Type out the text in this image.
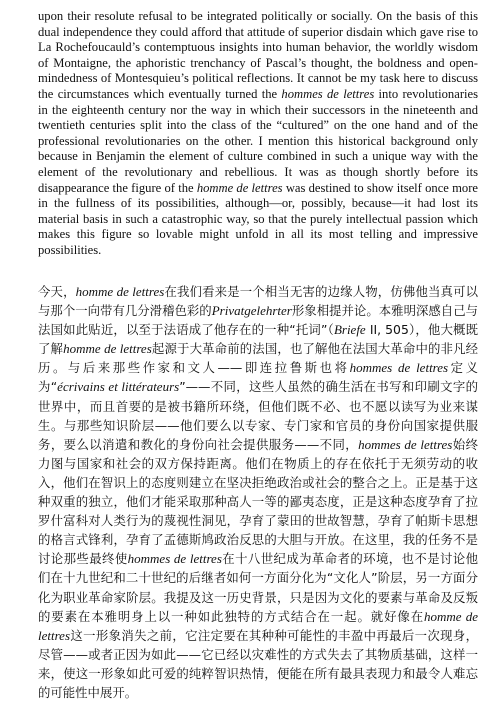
upon their resolute refusal to be integrated politically or socially. On the basis of this dual independence they could afford that attitude of superior disdain which gave rise to La Rochefoucauld’s contemptuous insights into human behavior, the worldly wisdom of Montaigne, the aphoristic trenchancy of Pascal’s thought, the boldness and open-mindedness of Montesquieu’s political reflections. It cannot be my task here to discuss the circumstances which eventually turned the hommes de lettres into revolutionaries in the eighteenth century nor the way in which their successors in the nineteenth and twentieth centuries split into the class of the “cultured” on the one hand and of the professional revolutionaries on the other. I mention this historical background only because in Benjamin the element of culture combined in such a unique way with the element of the revolutionary and rebellious. It was as though shortly before its disappearance the figure of the homme de lettres was destined to show itself once more in the fullness of its possibilities, although—or, possibly, because—it had lost its material basis in such a catastrophic way, so that the purely intellectual passion which makes this figure so lovable might unfold in all its most telling and impressive possibilities.

今天，homme de lettres在我们看来是一个相当无害的边缘人物，仿佛他当真可以与那个一向带有几分滑稽色彩的Privatgelehrter形象相提并论。本雅明深感自己与法国如此贴近，以至于法语成了他存在的一种“托词”（Briefe II, 505），他大概既了解homme de lettres起源于大革命前的法国，也了解他在法国大革命中的非凡经历。与后来那些作家和文人——即连拉鲁斯也将hommes de lettres定义为“écrivains et littérateurs”——不同，这些人虽然的确生活在书写和印刷文字的世界中，而且首要的是被书籍所环绕，但他们既不必、也不愿以读写为业来谋生。与那些知识阶层——他们要么以专家、专门家和官员的身份向国家提供服务，要么以消遣和教化的身份向社会提供服务——不同，hommes de lettres始终力图与国家和社会的双方保持距离。他们在物质上的存在依托于无须劳动的收入，他们在智识上的态度则建立在坚决拒绝政治或社会的整合之上。正是基于这种双重的独立，他们才能采取那种高人一等的鄙夷态度，正是这种态度孕育了拉罗什富科对人类行为的蔑视性洞见，孕育了蒙田的世故智慧，孕育了帕斯卡思想的格言式锋利，孕育了孟德斯鸠政治反思的大胆与开放。在这里，我的任务不是讨论那些最终使hommes de lettres在十八世纪成为革命者的环境，也不是讨论他们在十九世纪和二十世纪的后继者如何一方面分化为“文化人”阶层，另一方面分化为职业革命家阶层。我提及这一历史背景，只是因为文化的要素与革命及反叛的要素在本雅明身上以一种如此独特的方式结合在一起。就好像在homme de lettres这一形象消失之前，它注定要在其种种可能性的丰盈中再最后一次现身，尽管——或者正因为如此——它已经以灾难性的方式失去了其物质基础，这样一来，使这一形象如此可爱的纯粹智识热情，便能在所有最具表现力和最令人难忘的可能性中展开。
